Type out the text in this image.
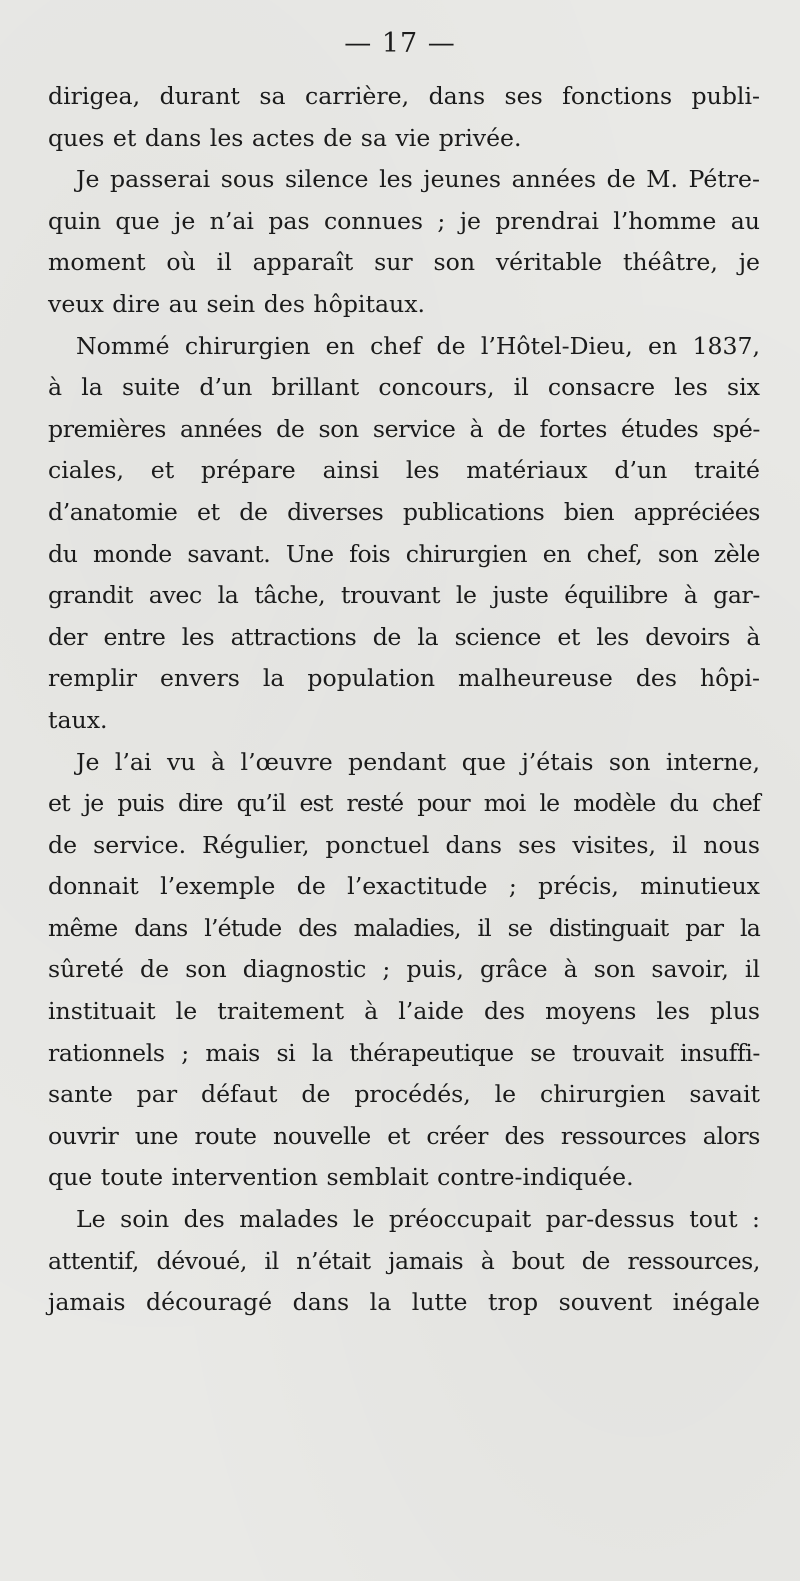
— 17 —
dirigea, durant sa carrière, dans ses fonctions publi-
ques et dans les actes de sa vie privée.
Je passerai sous silence les jeunes années de M. Pétre-
quin que je n’ai pas connues ; je prendrai l’homme au
moment où il apparaît sur son véritable théâtre, je
veux dire au sein des hôpitaux.
Nommé chirurgien en chef de l’Hôtel-Dieu, en 1837,
à la suite d’un brillant concours, il consacre les six
premières années de son service à de fortes études spé-
ciales, et prépare ainsi les matériaux d’un traité
d’anatomie et de diverses publications bien appréciées
du monde savant. Une fois chirurgien en chef, son zèle
grandit avec la tâche, trouvant le juste équilibre à gar-
der entre les attractions de la science et les devoirs à
remplir envers la population malheureuse des hôpi-
taux.
Je l’ai vu à l’œuvre pendant que j’étais son interne,
et je puis dire qu’il est resté pour moi le modèle du chef
de service. Régulier, ponctuel dans ses visites, il nous
donnait l’exemple de l’exactitude ; précis, minutieux
même dans l’étude des maladies, il se distinguait par la
sûreté de son diagnostic ; puis, grâce à son savoir, il
instituait le traitement à l’aide des moyens les plus
rationnels ; mais si la thérapeutique se trouvait insuffi-
sante par défaut de procédés, le chirurgien savait
ouvrir une route nouvelle et créer des ressources alors
que toute intervention semblait contre-indiquée.
Le soin des malades le préoccupait par-dessus tout :
attentif, dévoué, il n’était jamais à bout de ressources,
jamais découragé dans la lutte trop souvent inégale
